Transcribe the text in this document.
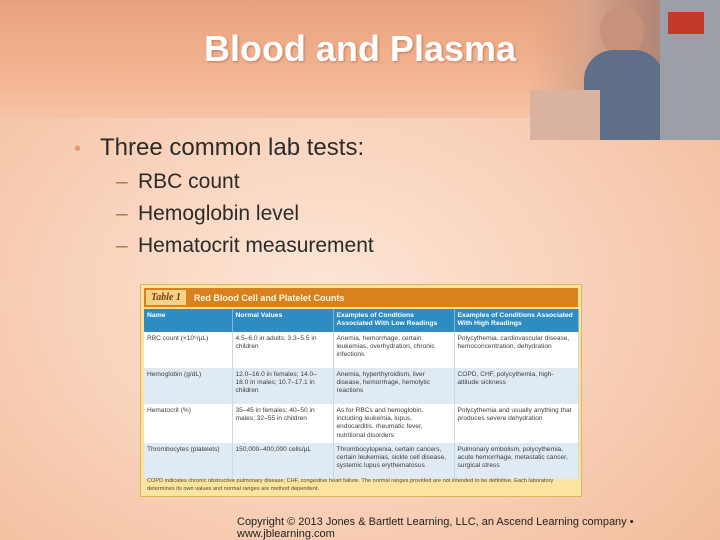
Blood and Plasma
• Three common lab tests:
– RBC count
– Hemoglobin level
– Hematocrit measurement
Table 1	Red Blood Cell and Platelet Counts
Name	Normal Values	Examples of Conditions Associated With Low Readings	Examples of Conditions Associated With High Readings
RBC count (×10⁶/µL)	4.5–6.0 in adults; 3.3–5.5 in children	Anemia, hemorrhage, certain leukemias, overhydration, chronic infections	Polycythemia, cardiovascular disease, hemoconcentration, dehydration
Hemoglobin (g/dL)	12.0–16.0 in females; 14.0–18.0 in males; 10.7–17.1 in children	Anemia, hyperthyroidism, liver disease, hemorrhage, hemolytic reactions	COPD, CHF, polycythemia, high-altitude sickness
Hematocrit (%)	35–45 in females; 40–50 in males; 32–55 in children	As for RBCs and hemoglobin, including leukemia, lupus, endocarditis, rheumatic fever, nutritional disorders	Polycythemia and usually anything that produces severe dehydration
Thrombocytes (platelets)	150,000–400,000 cells/µL	Thrombocytopenia, certain cancers, certain leukemias, sickle cell disease, systemic lupus erythematosus	Pulmonary embolism, polycythemia, acute hemorrhage, metastatic cancer, surgical stress
COPD indicates chronic obstructive pulmonary disease; CHF, congestive heart failure. The normal ranges provided are not intended to be definitive. Each laboratory determines its own values and normal ranges are method dependent.
Copyright © 2013 Jones & Bartlett Learning, LLC, an Ascend Learning company • www.jblearning.com
